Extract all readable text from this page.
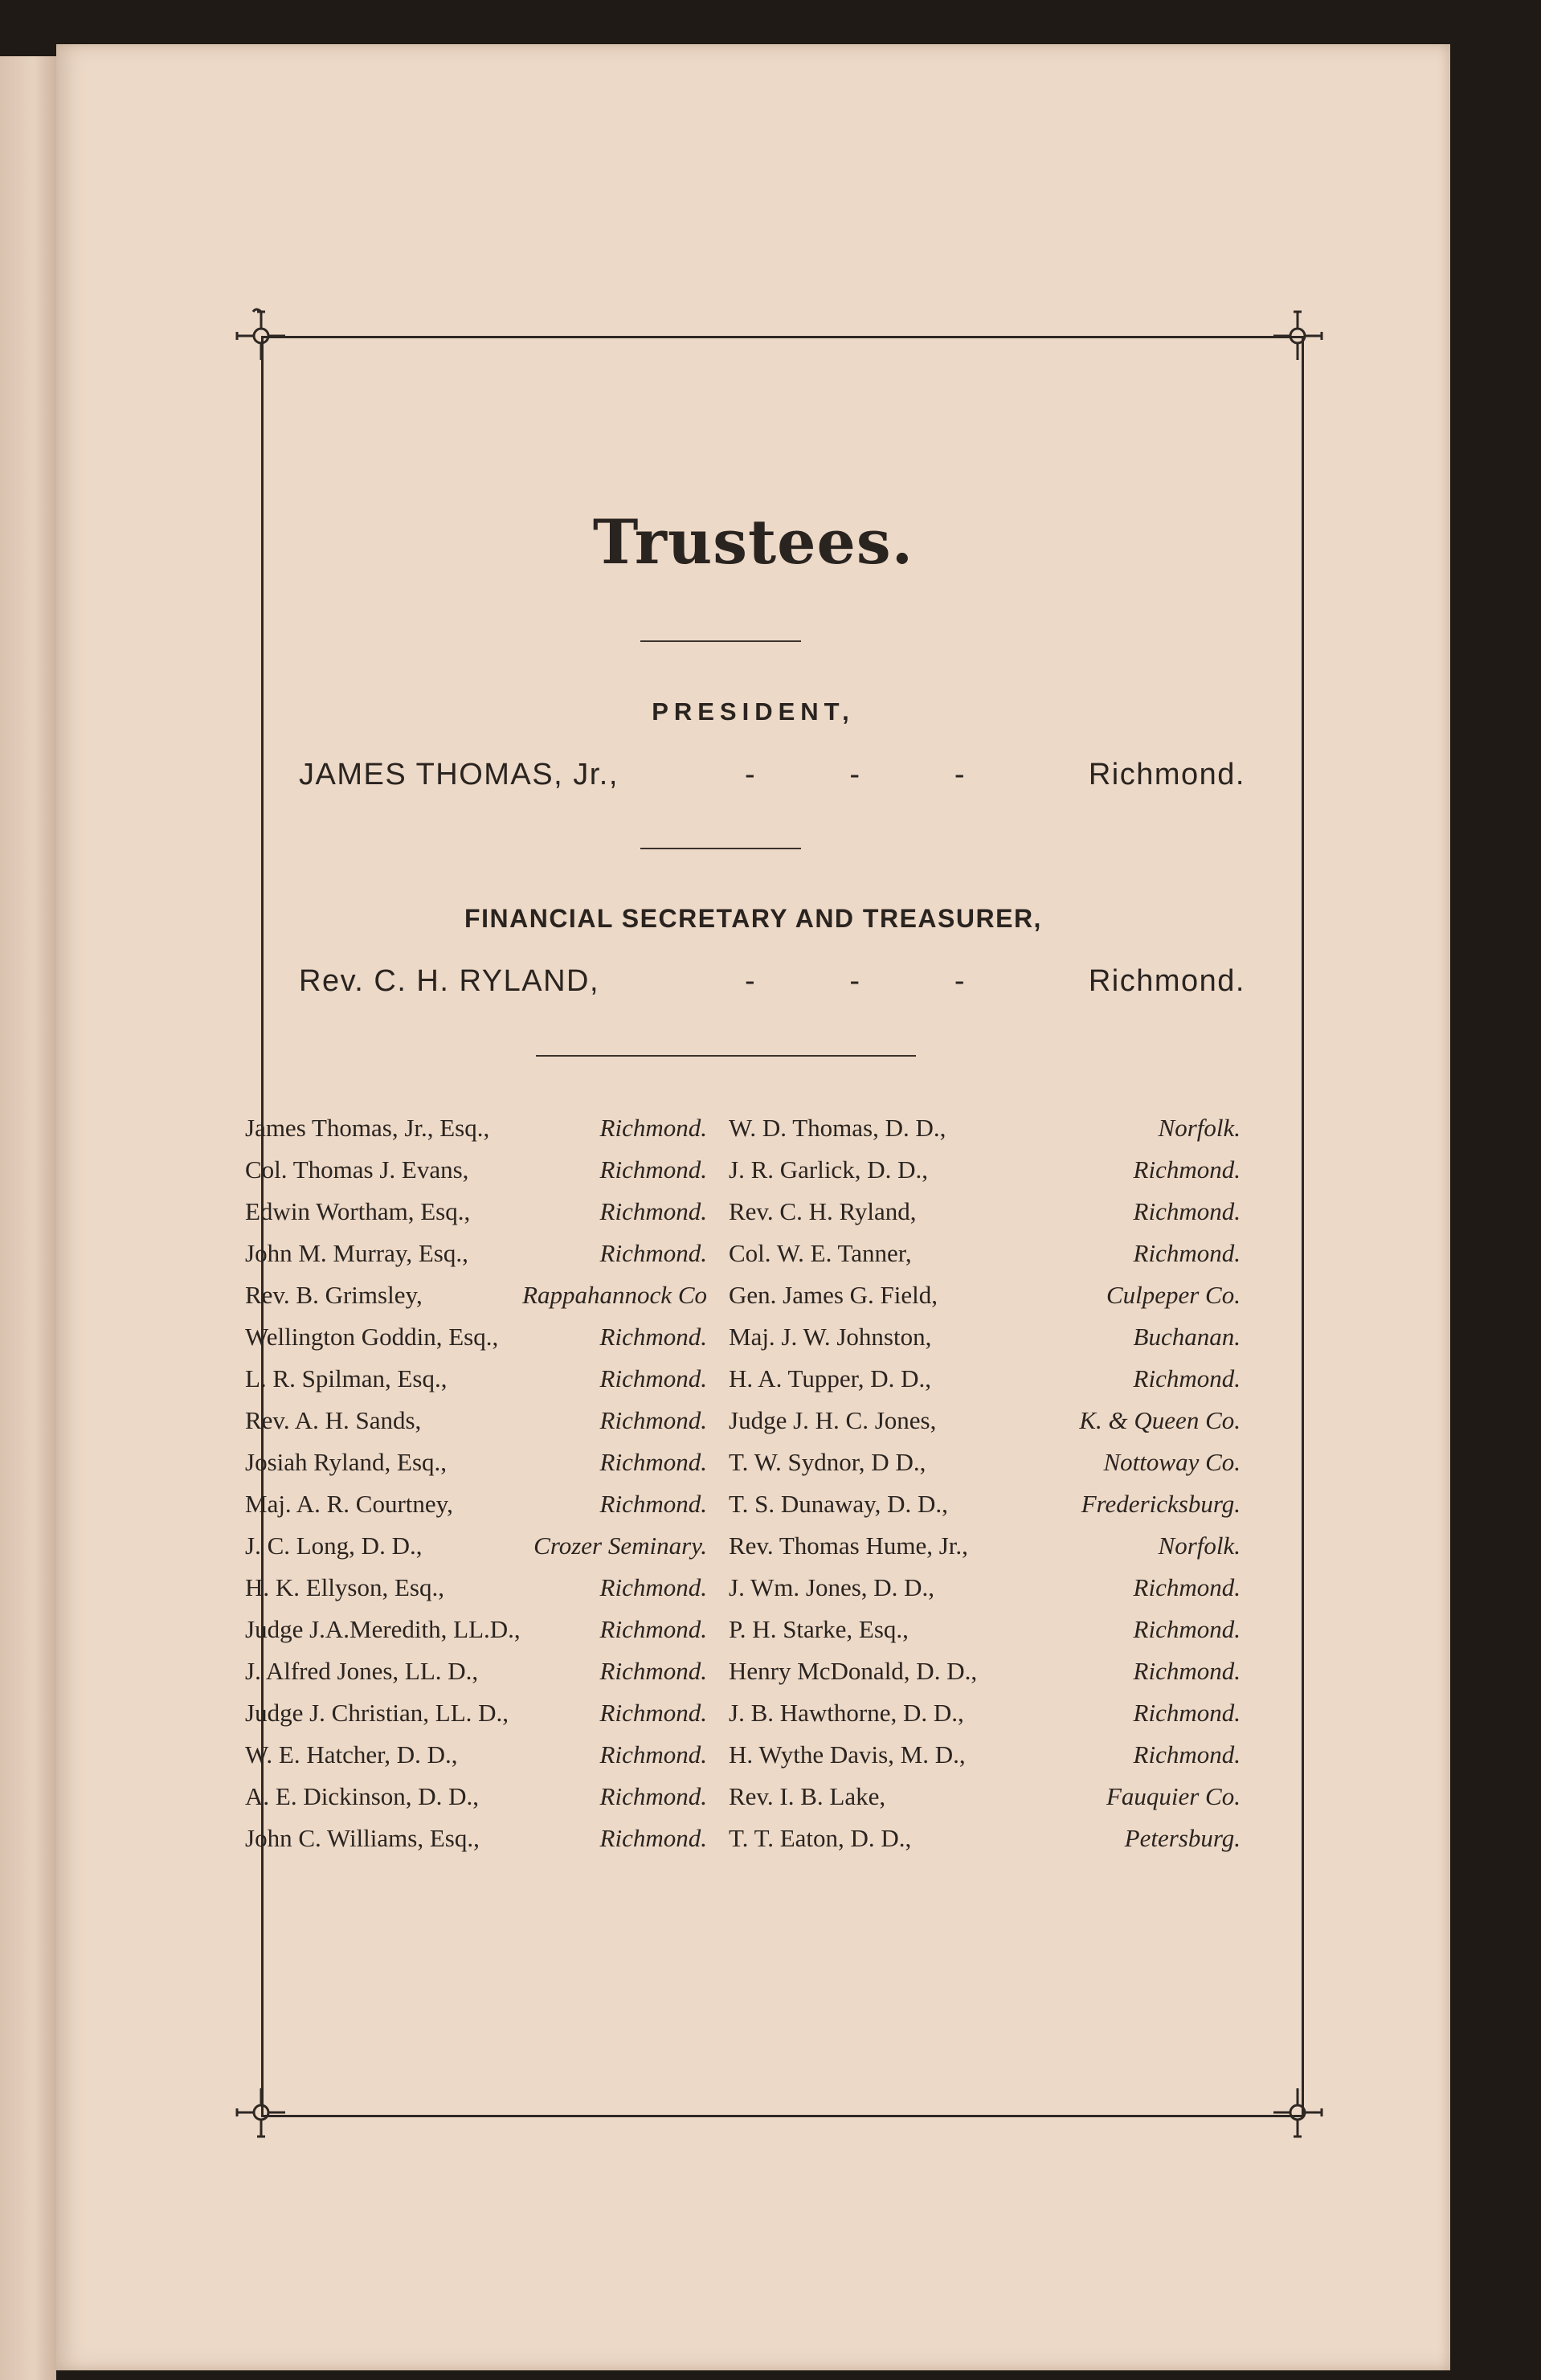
Trustees.
PRESIDENT,
JAMES THOMAS, Jr.,	-	-	-	Richmond.
FINANCIAL SECRETARY AND TREASURER,
Rev. C. H. RYLAND,	-	-	-	Richmond.
James Thomas, Jr., Esq.,	Richmond.
Col. Thomas J. Evans,	Richmond.
Edwin Wortham, Esq.,	Richmond.
John M. Murray, Esq.,	Richmond.
Rev. B. Grimsley,	Rappahannock Co
Wellington Goddin, Esq.,	Richmond.
L. R. Spilman, Esq.,	Richmond.
Rev. A. H. Sands,	Richmond.
Josiah Ryland, Esq.,	Richmond.
Maj. A. R. Courtney,	Richmond.
J. C. Long, D. D.,	Crozer Seminary.
H. K. Ellyson, Esq.,	Richmond.
Judge J.A.Meredith, LL.D.,	Richmond.
J. Alfred Jones, LL. D.,	Richmond.
Judge J. Christian, LL. D.,	Richmond.
W. E. Hatcher, D. D.,	Richmond.
A. E. Dickinson, D. D.,	Richmond.
John C. Williams, Esq.,	Richmond.
W. D. Thomas, D. D.,	Norfolk.
J. R. Garlick, D. D.,	Richmond.
Rev. C. H. Ryland,	Richmond.
Col. W. E. Tanner,	Richmond.
Gen. James G. Field,	Culpeper Co.
Maj. J. W. Johnston,	Buchanan.
H. A. Tupper, D. D.,	Richmond.
Judge J. H. C. Jones,	K. & Queen Co.
T. W. Sydnor, D D.,	Nottoway Co.
T. S. Dunaway, D. D.,	Fredericksburg.
Rev. Thomas Hume, Jr.,	Norfolk.
J. Wm. Jones, D. D.,	Richmond.
P. H. Starke, Esq.,	Richmond.
Henry McDonald, D. D.,	Richmond.
J. B. Hawthorne, D. D.,	Richmond.
H. Wythe Davis, M. D.,	Richmond.
Rev. I. B. Lake,	Fauquier Co.
T. T. Eaton, D. D.,	Petersburg.
